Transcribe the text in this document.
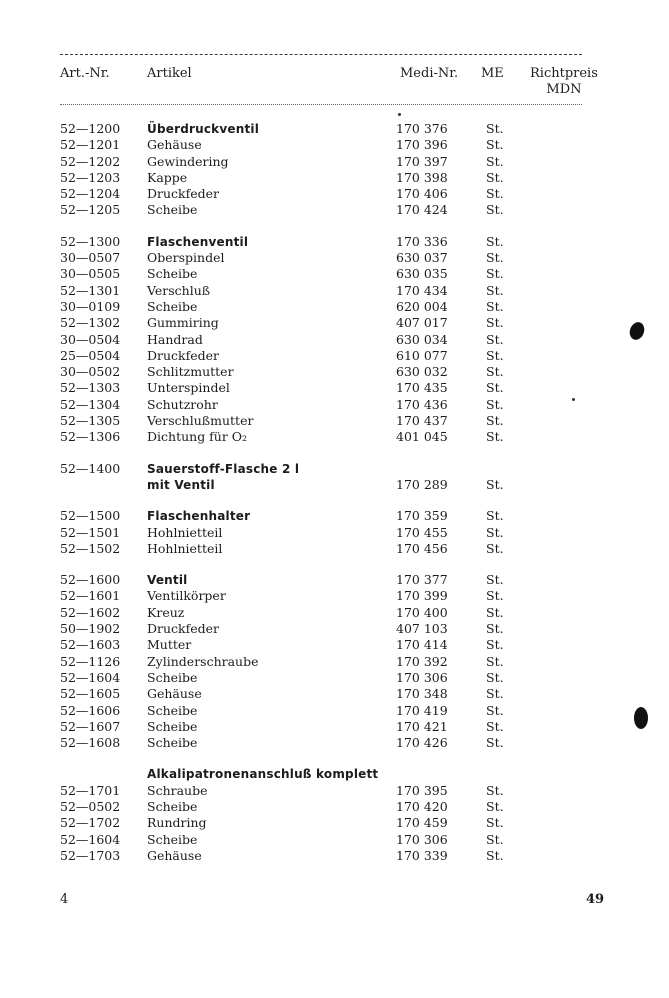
Art.-Nr.	Artikel	Medi-Nr. ME Richtpreis
MDN
52—1200 Überdruckventil	170 376	St.
52—1201 Gehäuse	170 396	St.
52—1202 Gewindering	170 397	St.
52—1203 Kappe	170 398	St.
52—1204 Druckfeder	170 406	St.
52—1205 Scheibe	170 424	St.
52—1300 Flaschenventil	170 336	St.
30—0507 Oberspindel	630 037	St.
30—0505 Scheibe	630 035	St.
52—1301 Verschluß	170 434	St.
30—0109 Scheibe	620 004	St.
52—1302 Gummiring	407 017	St.
30—0504 Handrad	630 034	St.
25—0504 Druckfeder	610 077	St.
30—0502 Schlitzmutter	630 032	St.
52—1303 Unterspindel	170 435	St.
52—1304 Schutzrohr	170 436	St.
52—1305 Verschlußmutter	170 437	St.
52—1306 Dichtung für O₂	401 045	St.
52—1400 Sauerstoff-Flasche 2 l
mit Ventil	170 289	St.
52—1500 Flaschenhalter	170 359	St.
52—1501 Hohlnietteil	170 455	St.
52—1502 Hohlnietteil	170 456	St.
52—1600 Ventil	170 377	St.
52—1601 Ventilkörper	170 399	St.
52—1602 Kreuz	170 400	St.
50—1902 Druckfeder	407 103	St.
52—1603 Mutter	170 414	St.
52—1126 Zylinderschraube	170 392	St.
52—1604 Scheibe	170 306	St.
52—1605 Gehäuse	170 348	St.
52—1606 Scheibe	170 419	St.
52—1607 Scheibe	170 421	St.
52—1608 Scheibe	170 426	St.
Alkalipatronenanschluß komplett
52—1701 Schraube	170 395	St.
52—0502 Scheibe	170 420	St.
52—1702 Rundring	170 459	St.
52—1604 Scheibe	170 306	St.
52—1703 Gehäuse	170 339	St.
4	49
